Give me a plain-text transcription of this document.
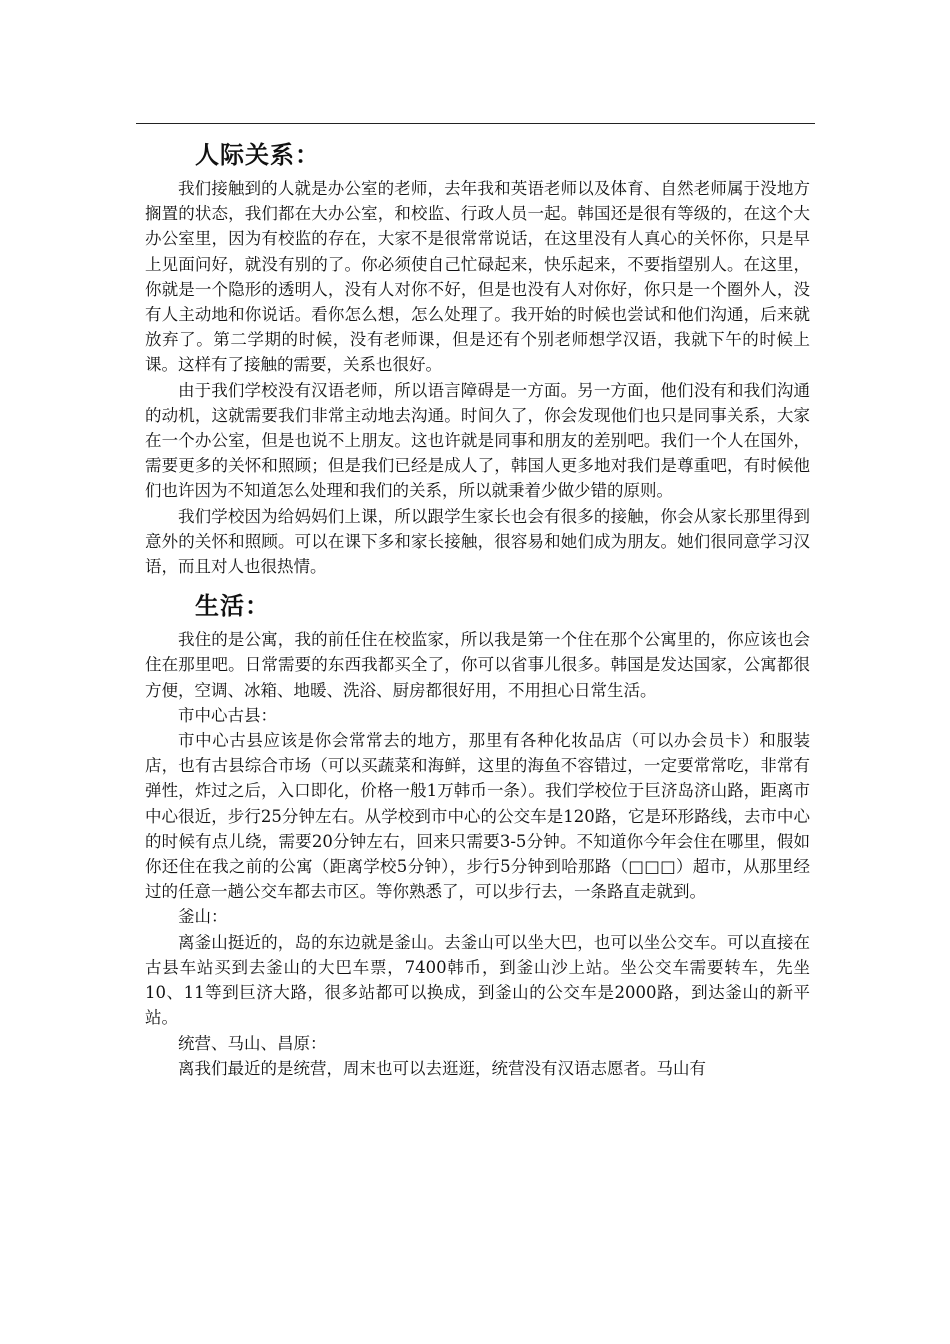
人际关系：

我们接触到的人就是办公室的老师，去年我和英语老师以及体育、自然老师属于没地方搁置的状态，我们都在大办公室，和校监、行政人员一起。韩国还是很有等级的，在这个大办公室里，因为有校监的存在，大家不是很常常说话，在这里没有人真心的关怀你，只是早上见面问好，就没有别的了。你必须使自己忙碌起来，快乐起来，不要指望别人。在这里，你就是一个隐形的透明人，没有人对你不好，但是也没有人对你好，你只是一个圈外人，没有人主动地和你说话。看你怎么想，怎么处理了。我开始的时候也尝试和他们沟通，后来就放弃了。第二学期的时候，没有老师课，但是还有个别老师想学汉语，我就下午的时候上课。这样有了接触的需要，关系也很好。

由于我们学校没有汉语老师，所以语言障碍是一方面。另一方面，他们没有和我们沟通的动机，这就需要我们非常主动地去沟通。时间久了，你会发现他们也只是同事关系，大家在一个办公室，但是也说不上朋友。这也许就是同事和朋友的差别吧。我们一个人在国外，需要更多的关怀和照顾；但是我们已经是成人了，韩国人更多地对我们是尊重吧，有时候他们也许因为不知道怎么处理和我们的关系，所以就秉着少做少错的原则。

我们学校因为给妈妈们上课，所以跟学生家长也会有很多的接触，你会从家长那里得到意外的关怀和照顾。可以在课下多和家长接触，很容易和她们成为朋友。她们很同意学习汉语，而且对人也很热情。

生活：

我住的是公寓，我的前任住在校监家，所以我是第一个住在那个公寓里的，你应该也会住在那里吧。日常需要的东西我都买全了，你可以省事儿很多。韩国是发达国家，公寓都很方便，空调、冰箱、地暖、洗浴、厨房都很好用，不用担心日常生活。

市中心古县：

市中心古县应该是你会常常去的地方，那里有各种化妆品店（可以办会员卡）和服装店，也有古县综合市场（可以买蔬菜和海鲜，这里的海鱼不容错过，一定要常常吃，非常有弹性，炸过之后，入口即化，价格一般1万韩币一条）。我们学校位于巨济岛济山路，距离市中心很近，步行25分钟左右。从学校到市中心的公交车是120路，它是环形路线，去市中心的时候有点儿绕，需要20分钟左右，回来只需要3-5分钟。不知道你今年会住在哪里，假如你还住在我之前的公寓（距离学校5分钟），步行5分钟到哈那路（□□□）超市，从那里经过的任意一趟公交车都去市区。等你熟悉了，可以步行去，一条路直走就到。

釜山：

离釜山挺近的，岛的东边就是釜山。去釜山可以坐大巴，也可以坐公交车。可以直接在古县车站买到去釜山的大巴车票，7400韩币，到釜山沙上站。坐公交车需要转车，先坐10、11等到巨济大路，很多站都可以换成，到釜山的公交车是2000路，到达釜山的新平站。

统营、马山、昌原：

离我们最近的是统营，周末也可以去逛逛，统营没有汉语志愿者。马山有
